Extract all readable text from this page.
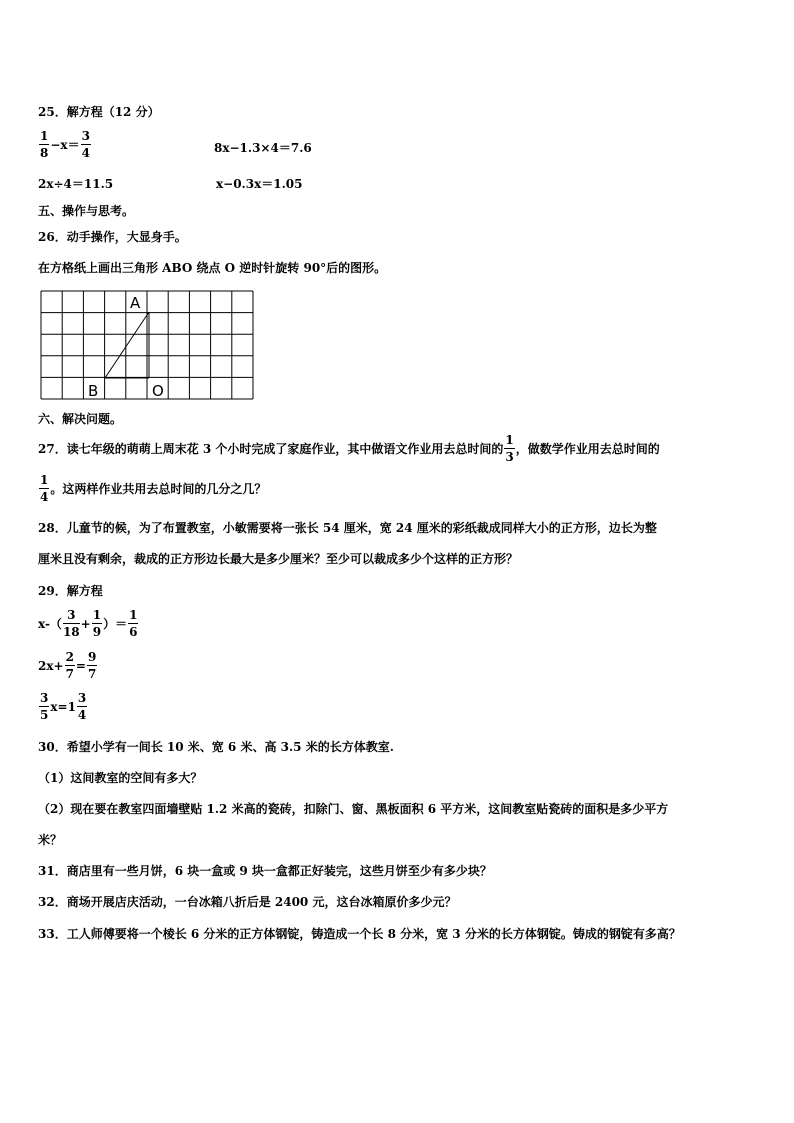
25．解方程（12 分）
$\frac{1}{8} -x= \frac{3}{4}$	8x−1.3×4＝7.6
2x÷4＝11.5	x−0.3x＝1.05
五、操作与思考。
26．动手操作，大显身手。
在方格纸上画出三角形 ABO 绕点 O 逆时针旋转 90°后的图形。
A
B	O
六、解决问题。
27．读七年级的萌萌上周末花 3 个小时完成了家庭作业，其中做语文作业用去总时间的 $\frac{1}{3}$ ，做数学作业用去总时间的
$\frac{1}{4}$ 。这两样作业共用去总时间的几分之几？
28．儿童节的候，为了布置教室，小敏需要将一张长 54 厘米，宽 24 厘米的彩纸裁成同样大小的正方形，边长为整
厘米且没有剩余，裁成的正方形边长最大是多少厘米？至少可以裁成多少个这样的正方形？
29．解方程
$x-( \frac{3}{18} + \frac{1}{9}$ ）＝ $\frac{1}{6}$
$2x+ \frac{2}{7} = \frac{9}{7}$
$\frac{3}{5} x=1 \frac{3}{4}$
30．希望小学有一间长 10 米、宽 6 米、高 3.5 米的长方体教室.
（1）这间教室的空间有多大？
（2）现在要在教室四面墙壁贴 1.2 米高的瓷砖，扣除门、窗、黑板面积 6 平方米，这间教室贴瓷砖的面积是多少平方
米？
31．商店里有一些月饼，6 块一盒或 9 块一盒都正好装完，这些月饼至少有多少块？
32．商场开展店庆活动，一台冰箱八折后是 2400 元，这台冰箱原价多少元？
33．工人师傅要将一个棱长 6 分米的正方体钢锭，铸造成一个长 8 分米，宽 3 分米的长方体钢锭。铸成的钢锭有多高？
